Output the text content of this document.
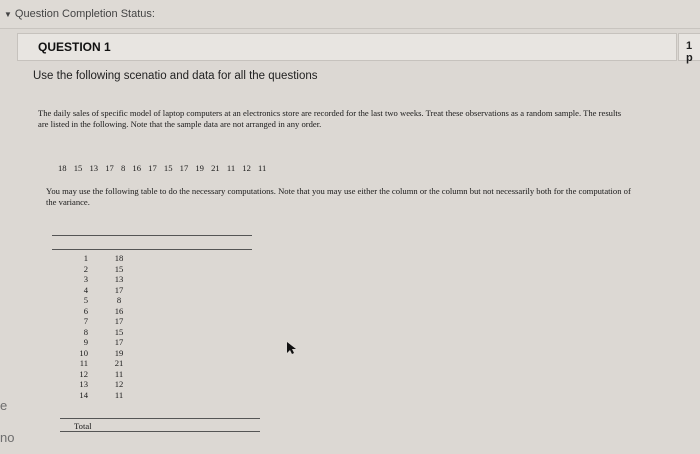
▼ Question Completion Status:
QUESTION 1	1 p
Use the following scenatio and data for all the questions
The daily sales of specific model of laptop computers at an electronics store are recorded for the last two weeks. Treat these observations as a random sample. The results are listed in the following. Note that the sample data are not arranged in any order.
18 15 13 17 8 16 17 15 17 19 21 11 12 11
You may use the following table to do the necessary computations. Note that you may use either the column or the column but not necessarily both for the computation of the variance.
1
2
3
4
5
6
7
8
9
10
11
12
13
14
18
15
13
17
8
16
17
15
17
19
21
11
12
11
Total
e
no
